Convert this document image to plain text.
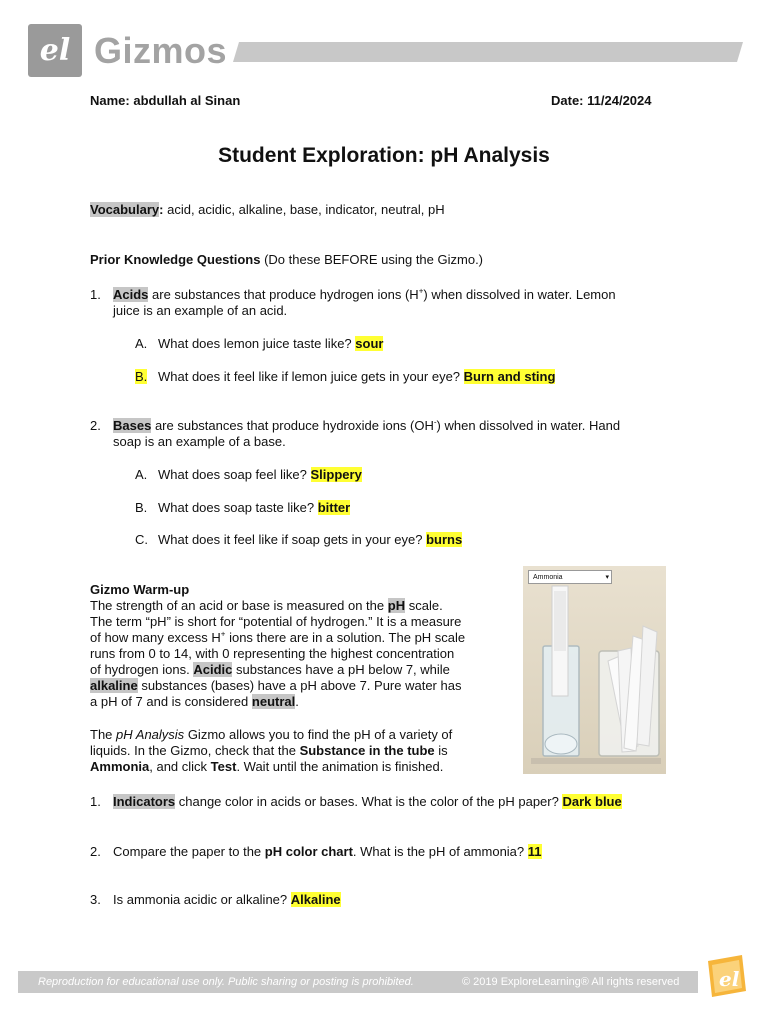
el Gizmos
Name: abdullah al Sinan	Date: 11/24/2024
Student Exploration: pH Analysis
Vocabulary: acid, acidic, alkaline, base, indicator, neutral, pH
Prior Knowledge Questions (Do these BEFORE using the Gizmo.)
1. Acids are substances that produce hydrogen ions (H+) when dissolved in water. Lemon
juice is an example of an acid.
A. What does lemon juice taste like? sour
B. What does it feel like if lemon juice gets in your eye? Burn and sting
2. Bases are substances that produce hydroxide ions (OH-) when dissolved in water. Hand
soap is an example of a base.
A. What does soap feel like? Slippery
B. What does soap taste like? bitter
C. What does it feel like if soap gets in your eye? burns
Gizmo Warm-up
The strength of an acid or base is measured on the pH scale.
The term “pH” is short for “potential of hydrogen.” It is a measure
of how many excess H+ ions there are in a solution. The pH scale
runs from 0 to 14, with 0 representing the highest concentration
of hydrogen ions. Acidic substances have a pH below 7, while
alkaline substances (bases) have a pH above 7. Pure water has
a pH of 7 and is considered neutral.
The pH Analysis Gizmo allows you to find the pH of a variety of
liquids. In the Gizmo, check that the Substance in the tube is
Ammonia, and click Test. Wait until the animation is finished.
Ammonia	▾
1. Indicators change color in acids or bases. What is the color of the pH paper? Dark blue
2. Compare the paper to the pH color chart. What is the pH of ammonia? 11
3. Is ammonia acidic or alkaline? Alkaline
Reproduction for educational use only. Public sharing or posting is prohibited.	© 2019 ExploreLearning® All rights reserved el
